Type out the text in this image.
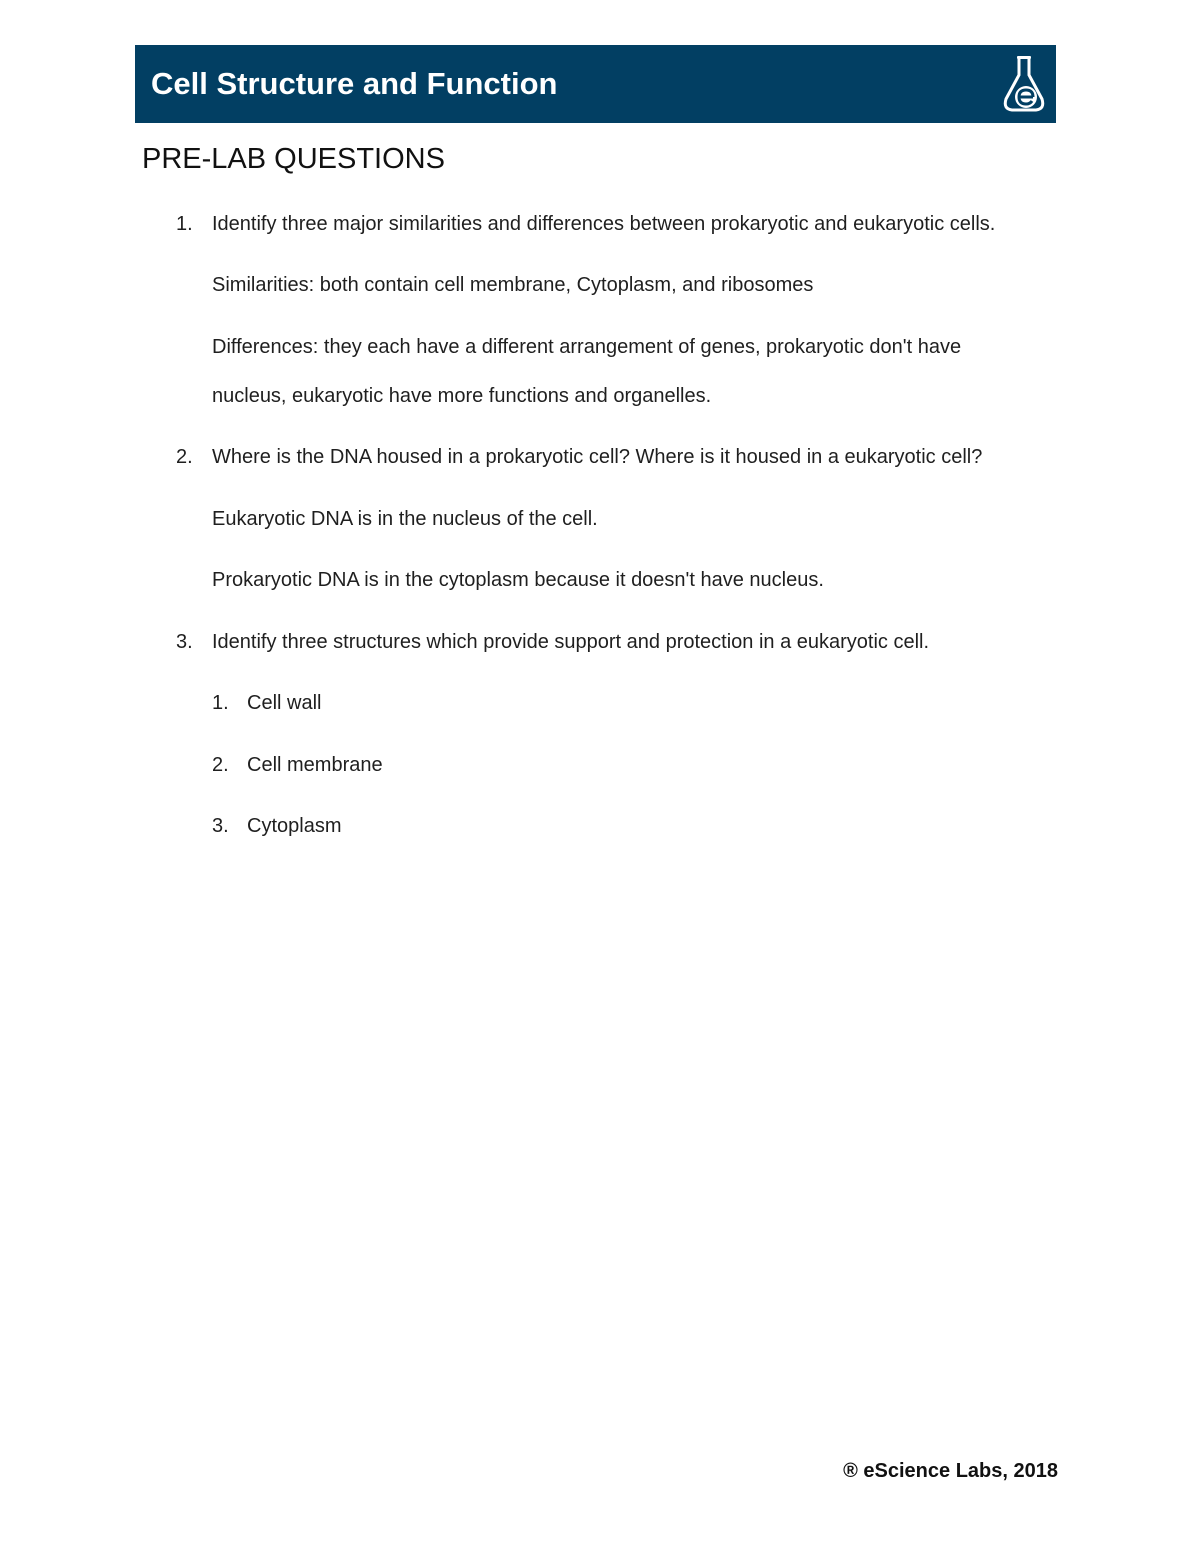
Cell Structure and Function
PRE-LAB QUESTIONS
1. Identify three major similarities and differences between prokaryotic and eukaryotic cells.
Similarities: both contain cell membrane, Cytoplasm, and ribosomes
Differences: they each have a different arrangement of genes, prokaryotic don't have
nucleus, eukaryotic have more functions and organelles.
2. Where is the DNA housed in a prokaryotic cell? Where is it housed in a eukaryotic cell?
Eukaryotic DNA is in the nucleus of the cell.
Prokaryotic DNA is in the cytoplasm because it doesn't have nucleus.
3. Identify three structures which provide support and protection in a eukaryotic cell.
1. Cell wall
2. Cell membrane
3. Cytoplasm
® eScience Labs, 2018
